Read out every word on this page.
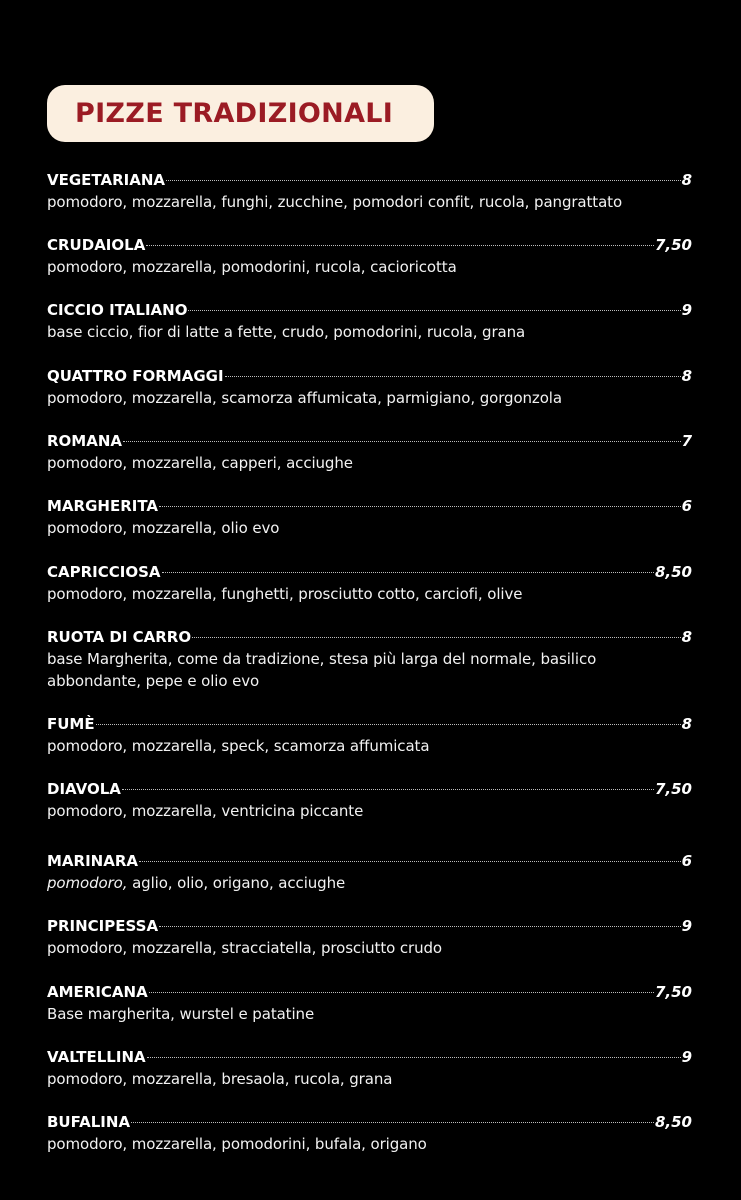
PIZZE TRADIZIONALI
VEGETARIANA	8
pomodoro, mozzarella, funghi, zucchine, pomodori confit, rucola, pangrattato
CRUDAIOLA	7,50
pomodoro, mozzarella, pomodorini, rucola, cacioricotta
CICCIO ITALIANO	9
base ciccio, fior di latte a fette, crudo, pomodorini, rucola, grana
QUATTRO FORMAGGI	8
pomodoro, mozzarella, scamorza affumicata, parmigiano, gorgonzola
ROMANA	7
pomodoro, mozzarella, capperi, acciughe
MARGHERITA	6
pomodoro, mozzarella, olio evo
CAPRICCIOSA	8,50
pomodoro, mozzarella, funghetti, prosciutto cotto, carciofi, olive
RUOTA DI CARRO	8
base Margherita, come da tradizione, stesa più larga del normale, basilico abbondante, pepe e olio evo
FUMÈ	8
pomodoro, mozzarella, speck, scamorza affumicata
DIAVOLA	7,50
pomodoro, mozzarella, ventricina piccante
MARINARA	6
pomodoro, aglio, olio, origano, acciughe
PRINCIPESSA	9
pomodoro, mozzarella, stracciatella, prosciutto crudo
AMERICANA	7,50
Base margherita, wurstel e patatine
VALTELLINA	9
pomodoro, mozzarella, bresaola, rucola, grana
BUFALINA	8,50
pomodoro, mozzarella, pomodorini, bufala, origano
